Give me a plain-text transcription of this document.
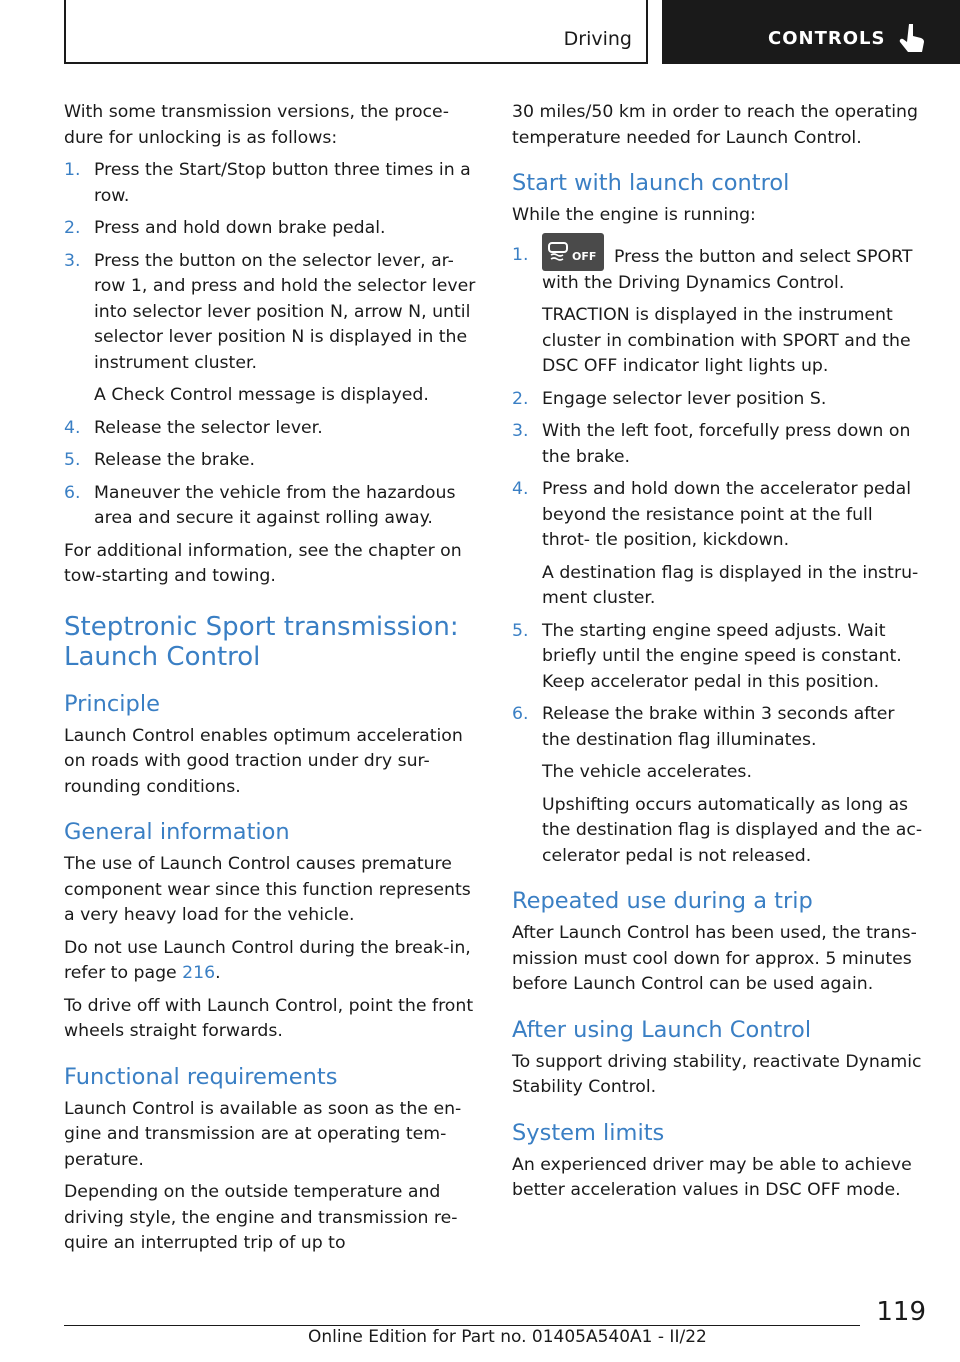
Driving	CONTROLS

With some transmission versions, the proce- dure for unlocking is as follows:

1. Press the Start/Stop button three times in a row.
2. Press and hold down brake pedal.
3. Press the button on the selector lever, ar- row 1, and press and hold the selector lever into selector lever position N, arrow N, until selector lever position N is displayed in the instrument cluster.
A Check Control message is displayed.
4. Release the selector lever.
5. Release the brake.
6. Maneuver the vehicle from the hazardous area and secure it against rolling away.

For additional information, see the chapter on tow-starting and towing.

Steptronic Sport transmission: Launch Control
Principle

Launch Control enables optimum acceleration on roads with good traction under dry sur- rounding conditions.

General information

The use of Launch Control causes premature component wear since this function represents a very heavy load for the vehicle.

Do not use Launch Control during the break-in, refer to page 216.

To drive off with Launch Control, point the front wheels straight forwards.

Functional requirements

Launch Control is available as soon as the en- gine and transmission are at operating tem- perature.

Depending on the outside temperature and driving style, the engine and transmission re- quire an interrupted trip of up to

30 miles/50 km in order to reach the operating temperature needed for Launch Control.

Start with launch control

While the engine is running:

1.	OFF Press the button and select SPORT with the Driving Dynamics Control.
TRACTION is displayed in the instrument cluster in combination with SPORT and the DSC OFF indicator light lights up.
2. Engage selector lever position S.
3. With the left foot, forcefully press down on the brake.
4. Press and hold down the accelerator pedal beyond the resistance point at the full throt- tle position, kickdown.
A destination flag is displayed in the instru- ment cluster.
5. The starting engine speed adjusts. Wait briefly until the engine speed is constant. Keep accelerator pedal in this position.
6. Release the brake within 3 seconds after the destination flag illuminates.
The vehicle accelerates.
Upshifting occurs automatically as long as the destination flag is displayed and the ac- celerator pedal is not released.
Repeated use during a trip

After Launch Control has been used, the trans- mission must cool down for approx. 5 minutes before Launch Control can be used again.

After using Launch Control

To support driving stability, reactivate Dynamic Stability Control.

System limits

An experienced driver may be able to achieve better acceleration values in DSC OFF mode.

119
Online Edition for Part no. 01405A540A1 - II/22
